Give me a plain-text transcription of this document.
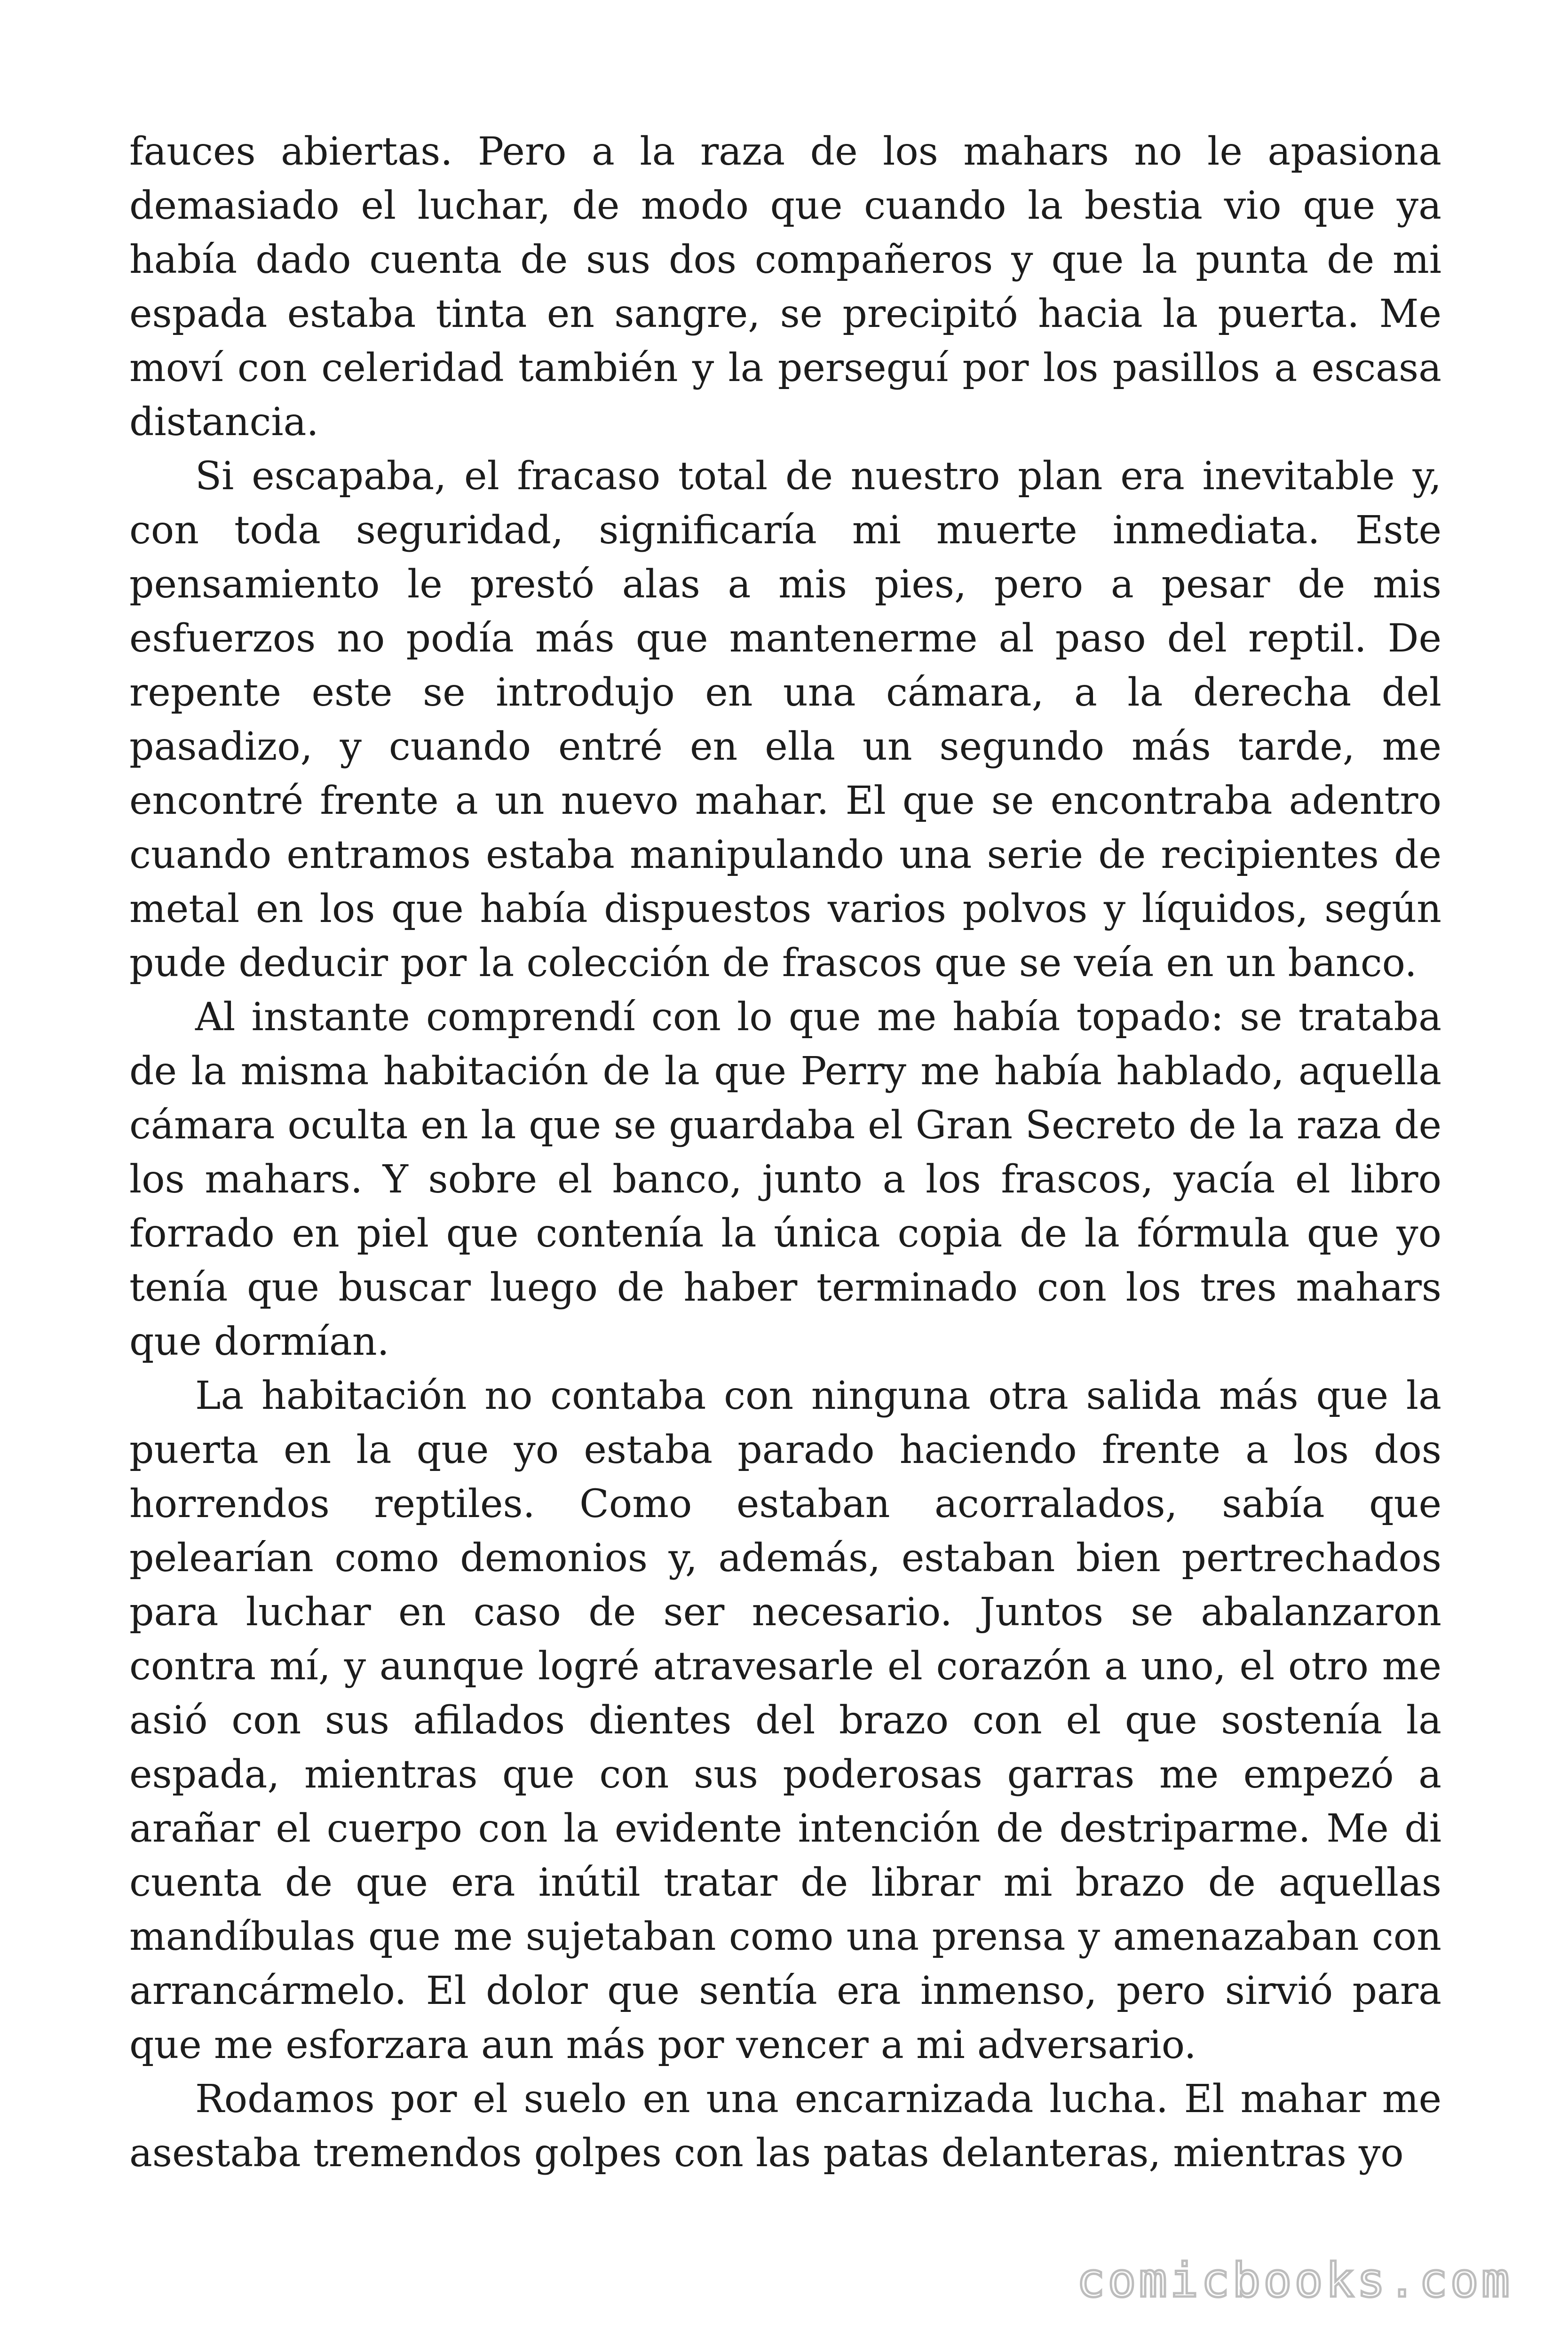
fauces abiertas. Pero a la raza de los mahars no le apasiona demasiado el luchar, de modo que cuando la bestia vio que ya había dado cuenta de sus dos compañeros y que la punta de mi espada estaba tinta en sangre, se precipitó hacia la puerta. Me moví con celeridad también y la perseguí por los pasillos a escasa distancia.

Si escapaba, el fracaso total de nuestro plan era inevitable y, con toda seguridad, significaría mi muerte inmediata. Este pensamiento le prestó alas a mis pies, pero a pesar de mis esfuerzos no podía más que mantenerme al paso del reptil. De repente este se introdujo en una cámara, a la derecha del pasadizo, y cuando entré en ella un segundo más tarde, me encontré frente a un nuevo mahar. El que se encontraba adentro cuando entramos estaba manipulando una serie de recipientes de metal en los que había dispuestos varios polvos y líquidos, según pude deducir por la colección de frascos que se veía en un banco.

Al instante comprendí con lo que me había topado: se trataba de la misma habitación de la que Perry me había hablado, aquella cámara oculta en la que se guardaba el Gran Secreto de la raza de los mahars. Y sobre el banco, junto a los frascos, yacía el libro forrado en piel que contenía la única copia de la fórmula que yo tenía que buscar luego de haber terminado con los tres mahars que dormían.

La habitación no contaba con ninguna otra salida más que la puerta en la que yo estaba parado haciendo frente a los dos horrendos reptiles. Como estaban acorralados, sabía que pelearían como demonios y, además, estaban bien pertrechados para luchar en caso de ser necesario. Juntos se abalanzaron contra mí, y aunque logré atravesarle el corazón a uno, el otro me asió con sus afilados dientes del brazo con el que sostenía la espada, mientras que con sus poderosas garras me empezó a arañar el cuerpo con la evidente intención de destriparme. Me di cuenta de que era inútil tratar de librar mi brazo de aquellas mandíbulas que me sujetaban como una prensa y amenazaban con arrancármelo. El dolor que sentía era inmenso, pero sirvió para que me esforzara aun más por vencer a mi adversario.

Rodamos por el suelo en una encarnizada lucha. El mahar me asestaba tremendos golpes con las patas delanteras, mientras yo

comicbooks.com
